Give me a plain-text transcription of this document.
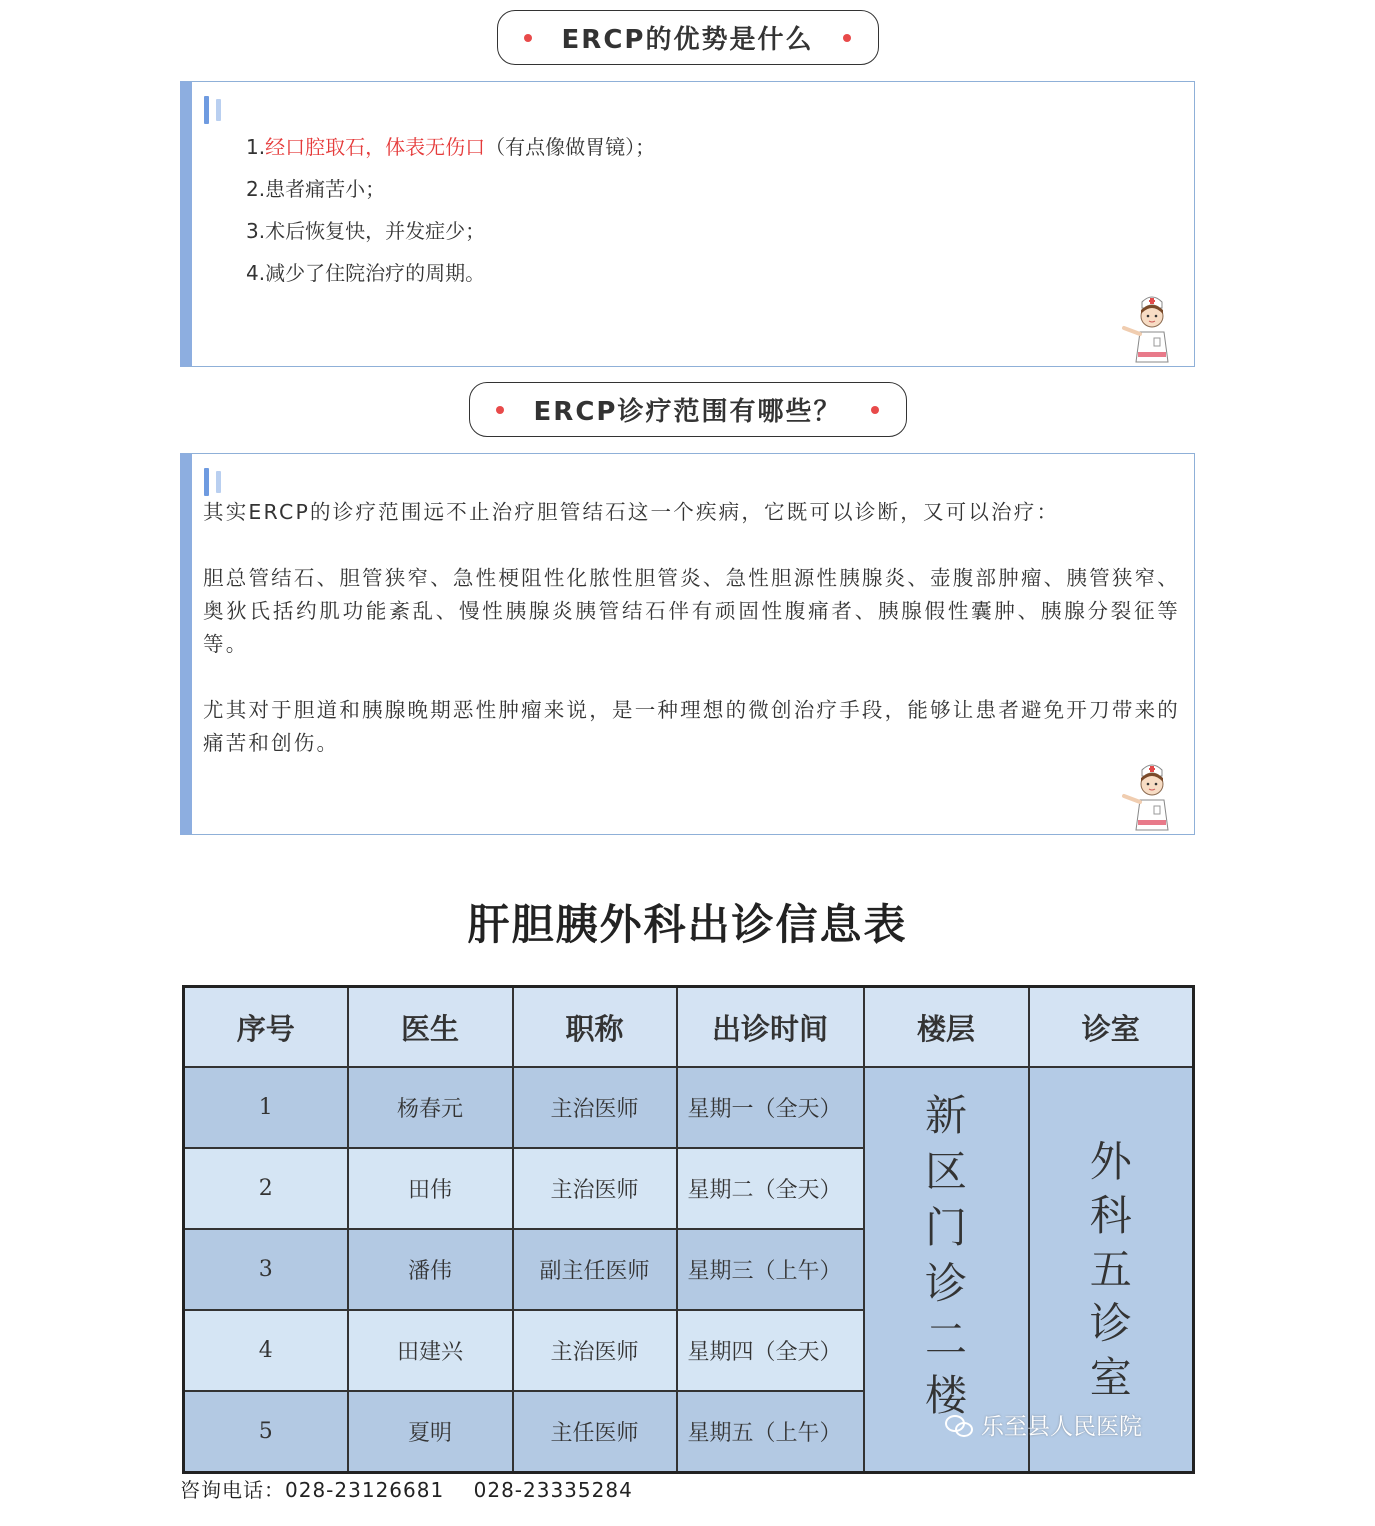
ERCP的优势是什么
1.经口腔取石，体表无伤口（有点像做胃镜）；
2.患者痛苦小；
3.术后恢复快，并发症少；
4.减少了住院治疗的周期。
ERCP诊疗范围有哪些？

其实ERCP的诊疗范围远不止治疗胆管结石这一个疾病，它既可以诊断，又可以治疗：

胆总管结石、胆管狭窄、急性梗阻性化脓性胆管炎、急性胆源性胰腺炎、壶腹部肿瘤、胰管狭窄、奥狄氏括约肌功能紊乱、慢性胰腺炎胰管结石伴有顽固性腹痛者、胰腺假性囊肿、胰腺分裂征等等。

尤其对于胆道和胰腺晚期恶性肿瘤来说，是一种理想的微创治疗手段，能够让患者避免开刀带来的痛苦和创伤。

肝胆胰外科出诊信息表
序号	医生	职称	出诊时间	楼层	诊室
1	杨春元	主治医师	星期一（全天）	新区门诊二楼	外科五诊室
2	田伟	主治医师	星期二（全天）		
3	潘伟	副主任医师	星期三（上午）		
4	田建兴	主治医师	星期四（全天）		
5	夏明	主任医师	星期五（上午）			乐至县人民医院
咨询电话：028-23126681    028-23335284
